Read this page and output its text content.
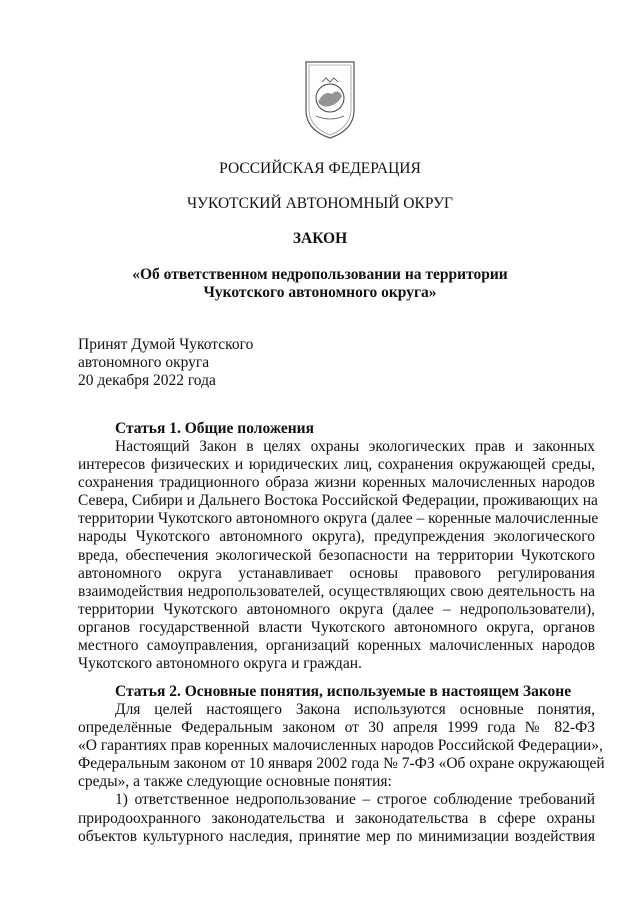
РОССИЙСКАЯ ФЕДЕРАЦИЯ
ЧУКОТСКИЙ АВТОНОМНЫЙ ОКРУГ
ЗАКОН
«Об ответственном недропользовании на территории
Чукотского автономного округа»
Принят Думой Чукотского
автономного округа
20 декабря 2022 года
Статья 1. Общие положения
Настоящий Закон в целях охраны экологических прав и законных
интересов физических и юридических лиц, сохранения окружающей среды,
сохранения традиционного образа жизни коренных малочисленных народов
Севера, Сибири и Дальнего Востока Российской Федерации, проживающих на
территории Чукотского автономного округа (далее – коренные малочисленные
народы Чукотского автономного округа), предупреждения экологического
вреда, обеспечения экологической безопасности на территории Чукотского
автономного округа устанавливает основы правового регулирования
взаимодействия недропользователей, осуществляющих свою деятельность на
территории Чукотского автономного округа (далее – недропользователи),
органов государственной власти Чукотского автономного округа, органов
местного самоуправления, организаций коренных малочисленных народов
Чукотского автономного округа и граждан.
Статья 2. Основные понятия, используемые в настоящем Законе
Для целей настоящего Закона используются основные понятия,
определённые Федеральным законом от 30 апреля 1999 года № 82-ФЗ
«О гарантиях прав коренных малочисленных народов Российской Федерации»,
Федеральным законом от 10 января 2002 года № 7-ФЗ «Об охране окружающей
среды», а также следующие основные понятия:
1) ответственное недропользование – строгое соблюдение требований
природоохранного законодательства и законодательства в сфере охраны
объектов культурного наследия, принятие мер по минимизации воздействия
